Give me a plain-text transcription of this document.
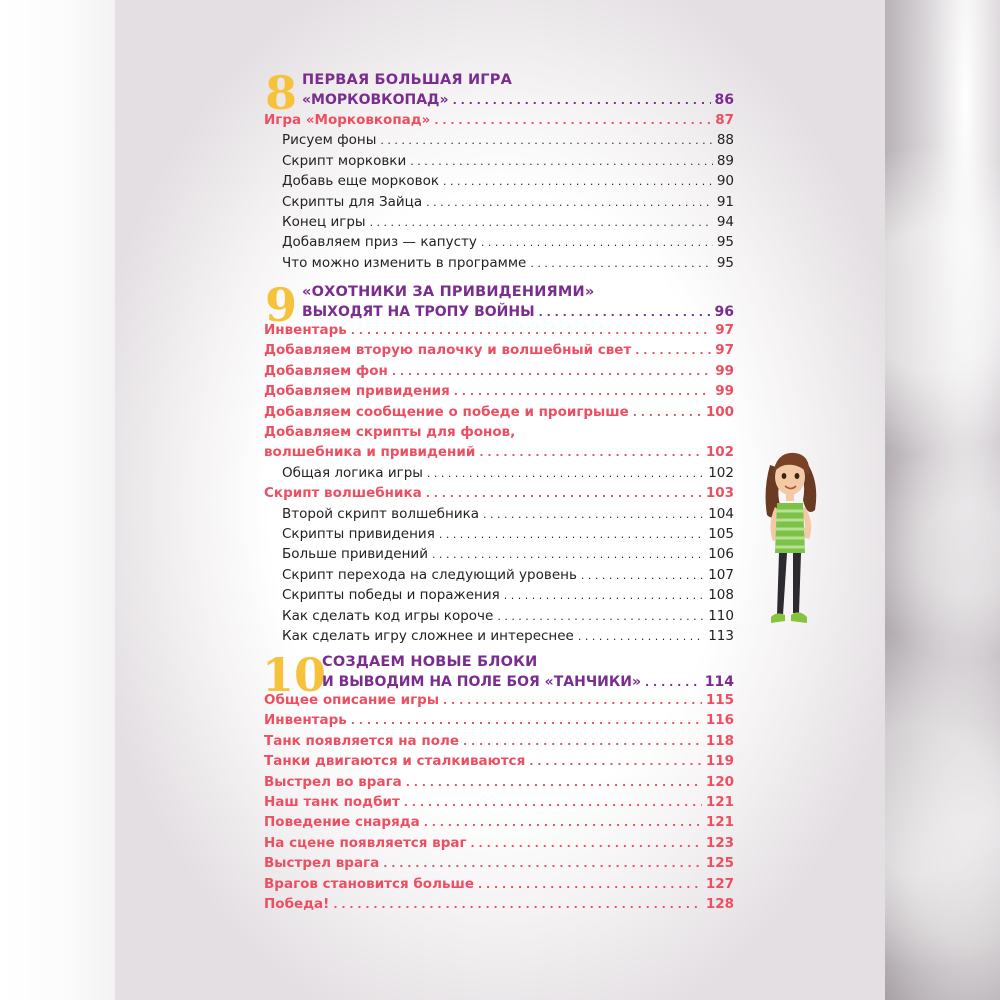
8 ПЕРВАЯ БОЛЬШАЯ ИГРА
«МОРКОВКОПАД» . . .	86
Игра «Морковкопад» . . .	87
Рисуем фоны . . .	88
Скрипт морковки . . .	89
Добавь еще морковок . . .	90
Скрипты для Зайца . . .	91
Конец игры . . .	94
Добавляем приз — капусту . . .	95
Что можно изменить в программе . . .	95
9 «ОХОТНИКИ ЗА ПРИВИДЕНИЯМИ»
ВЫХОДЯТ НА ТРОПУ ВОЙНЫ . . .	96
Инвентарь . . .	97
Добавляем вторую палочку и волшебный свет . . .	97
Добавляем фон . . .	99
Добавляем привидения . . .	99
Добавляем сообщение о победе и проигрыше . . .	100
Добавляем скрипты для фонов,
волшебника и привидений . . .	102
Общая логика игры . . .	102
Скрипт волшебника . . .	103
Второй скрипт волшебника . . .	104
Скрипты привидения . . .	105
Больше привидений . . .	106
Скрипт перехода на следующий уровень . . .	107
Скрипты победы и поражения . . .	108
Как сделать код игры короче . . .	110
Как сделать игру сложнее и интереснее . . .	113
10
СОЗДАЕМ НОВЫЕ БЛОКИ
И ВЫВОДИМ НА ПОЛЕ БОЯ «ТАНЧИКИ» . . .	114
Общее описание игры . . .	115
Инвентарь . . .	116
Танк появляется на поле . . .	118
Танки двигаются и сталкиваются . . .	119
Выстрел во врага . . .	120
Наш танк подбит . . .	121
Поведение снаряда . . .	121
На сцене появляется враг . . .	123
Выстрел врага . . .	125
Врагов становится больше . . .	127
Победа! . . .	128
